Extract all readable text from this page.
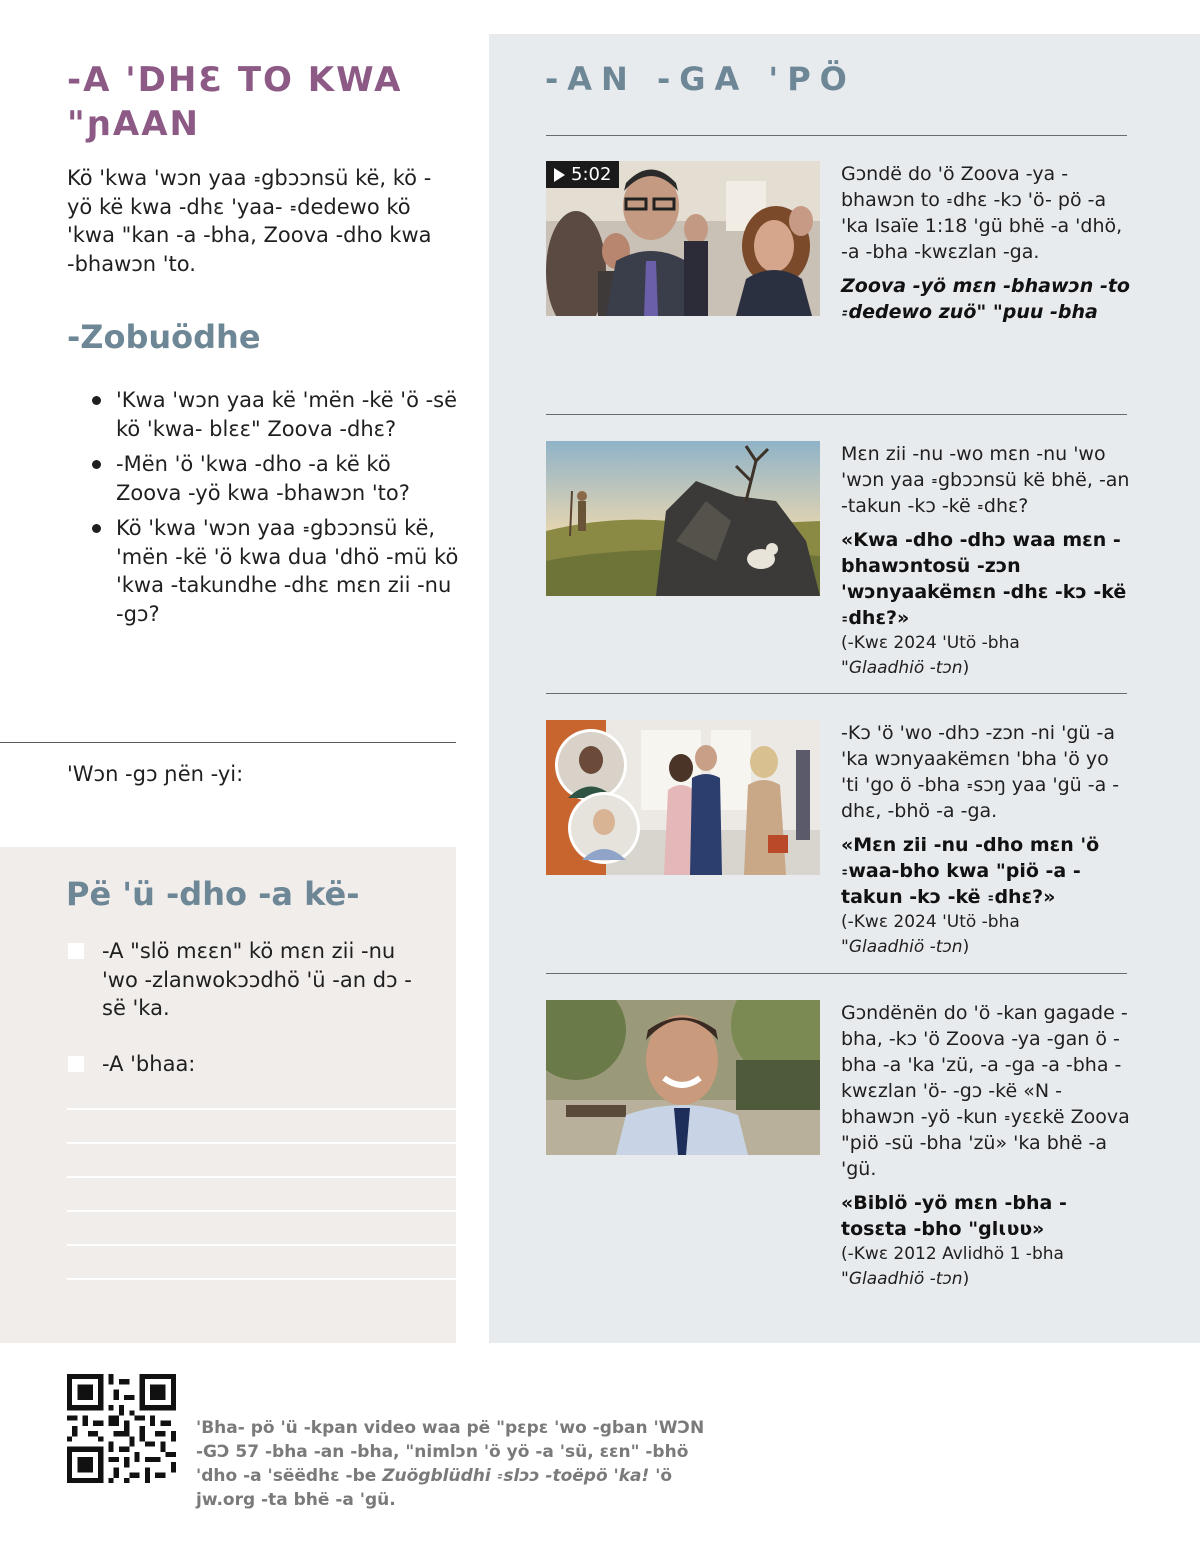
-A 'DHƐ TO KWA "ɲAAN
Kö 'kwa 'wɔn yaa ꞊gbɔɔnsü kë, kö -yö kë kwa -dhɛ 'yaa- ꞊dedewo kö 'kwa "kan -a -bha, Zoova -dho kwa -bhawɔn 'to.
-Zobuödhe
'Kwa 'wɔn yaa kë 'mën -kë 'ö -së kö 'kwa- blɛɛ" Zoova -dhɛ?
-Mën 'ö 'kwa -dho -a kë kö Zoova -yö kwa -bhawɔn 'to?
Kö 'kwa 'wɔn yaa ꞊gbɔɔnsü kë, 'mën -kë 'ö kwa dua 'dhö -mü kö 'kwa -takundhe -dhɛ mɛn zii -nu -gɔ?
'Wɔn -gɔ ɲën -yi:
Pë 'ü -dho -a kë-
-A "slö mɛɛn" kö mɛn zii -nu 'wo -zlanwokɔɔdhö 'ü -an dɔ -së 'ka.
-A 'bhaa:
-AN -GA 'PÖ
5:02	Gɔndë do 'ö Zoova -ya -bhawɔn to ꞊dhɛ -kɔ 'ö- pö -a 'ka Isaïe 1:18 'gü bhë -a 'dhö, -a -bha -kwɛzlan -ga.
Zoova -yö mɛn -bhawɔn -to ꞊dedewo zuö" "puu -bha
Mɛn zii -nu -wo mɛn -nu 'wo 'wɔn yaa ꞊gbɔɔnsü kë bhë, -an -takun -kɔ -kë ꞊dhɛ?
«Kwa -dho -dhɔ waa mɛn -bhawɔntosü -zɔn 'wɔnyaakëmɛn -dhɛ -kɔ -kë ꞊dhɛ?»
(-Kwɛ 2024 'Utö -bha
"Glaadhiö -tɔn)
-Kɔ 'ö 'wo -dhɔ -zɔn -ni 'gü -a 'ka wɔnyaakëmɛn 'bha 'ö yo 'ti 'go ö -bha ꞊sɔŋ yaa 'gü -a -dhɛ, -bhö -a -ga.
«Mɛn zii -nu -dho mɛn 'ö ꞊waa-bho kwa "piö -a -takun -kɔ -kë ꞊dhɛ?»
(-Kwɛ 2024 'Utö -bha
"Glaadhiö -tɔn)
Gɔndënën do 'ö -kan gagade -bha, -kɔ 'ö Zoova -ya -gan ö -bha -a 'ka 'zü, -a -ga -a -bha -kwɛzlan 'ö- -gɔ -kë «N -bhawɔn -yö -kun ꞊yɛɛkë Zoova "piö -sü -bha 'zü» 'ka bhë -a 'gü.
«Biblö -yö mɛn -bha -tosɛta -bho "glɩʋʋ»
(-Kwɛ 2012 Avlidhö 1 -bha
"Glaadhiö -tɔn)
'Bha- pö 'ü -kpan video waa pë "pɛpɛ 'wo -gban 'WƆN -GƆ 57 -bha -an -bha, "nimlɔn 'ö yö -a 'sü, ɛɛn" -bhö 'dho -a 'sëëdhɛ -be Zuögblüdhi ꞊slɔɔ -toëpö 'ka! 'ö jw.org -ta bhë -a 'gü.
